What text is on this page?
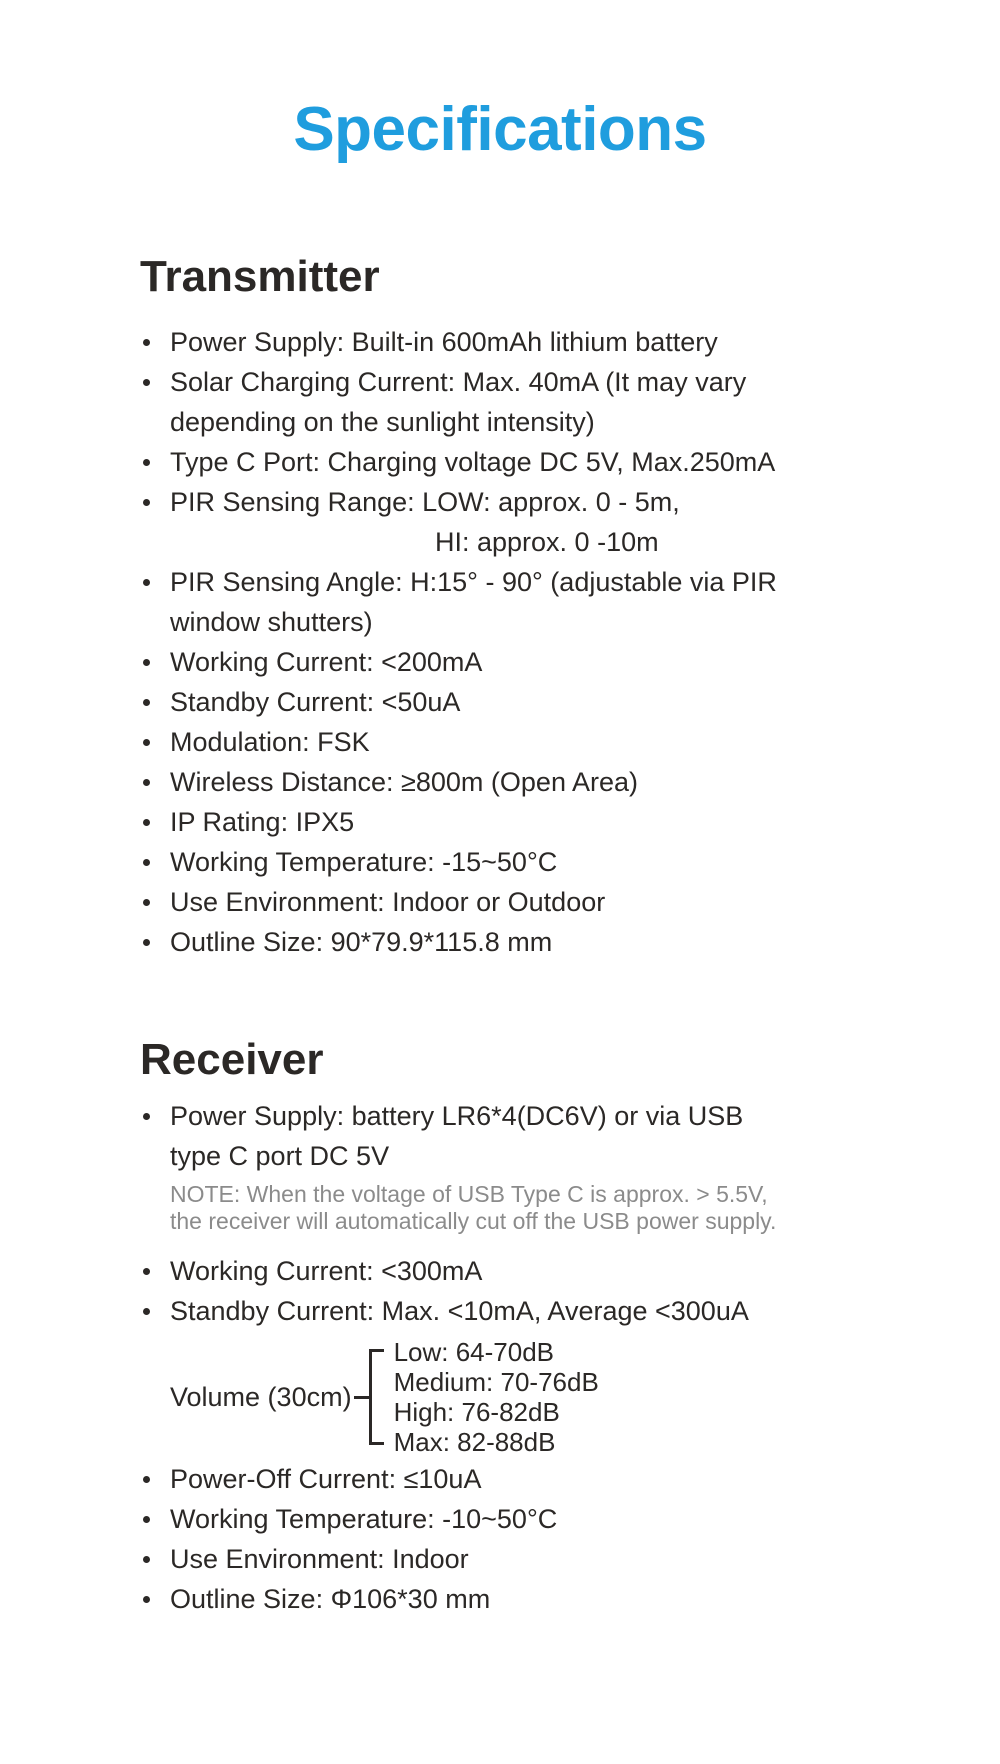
Specifications
Transmitter
Power Supply: Built-in 600mAh lithium battery
Solar Charging Current: Max. 40mA (It may vary
depending on the sunlight intensity)
Type C Port: Charging voltage DC 5V, Max.250mA
PIR Sensing Range: LOW: approx. 0 - 5m,
HI: approx. 0 -10m
PIR Sensing Angle: H:15° - 90° (adjustable via PIR
window shutters)
Working Current: <200mA
Standby Current: <50uA
Modulation: FSK
Wireless Distance: ≥800m (Open Area)
IP Rating: IPX5
Working Temperature: -15~50°C
Use Environment: Indoor or Outdoor
Outline Size: 90*79.9*115.8 mm
Receiver
Power Supply: battery LR6*4(DC6V) or via USB
type C port DC 5V
NOTE: When the voltage of USB Type C is approx. > 5.5V,
the receiver will automatically cut off the USB power supply.
Working Current: <300mA
Standby Current: Max. <10mA, Average <300uA
Volume (30cm)
Low: 64-70dB
Medium: 70-76dB
High: 76-82dB
Max: 82-88dB
Power-Off Current: ≤10uA
Working Temperature: -10~50°C
Use Environment: Indoor
Outline Size: Φ106*30 mm
